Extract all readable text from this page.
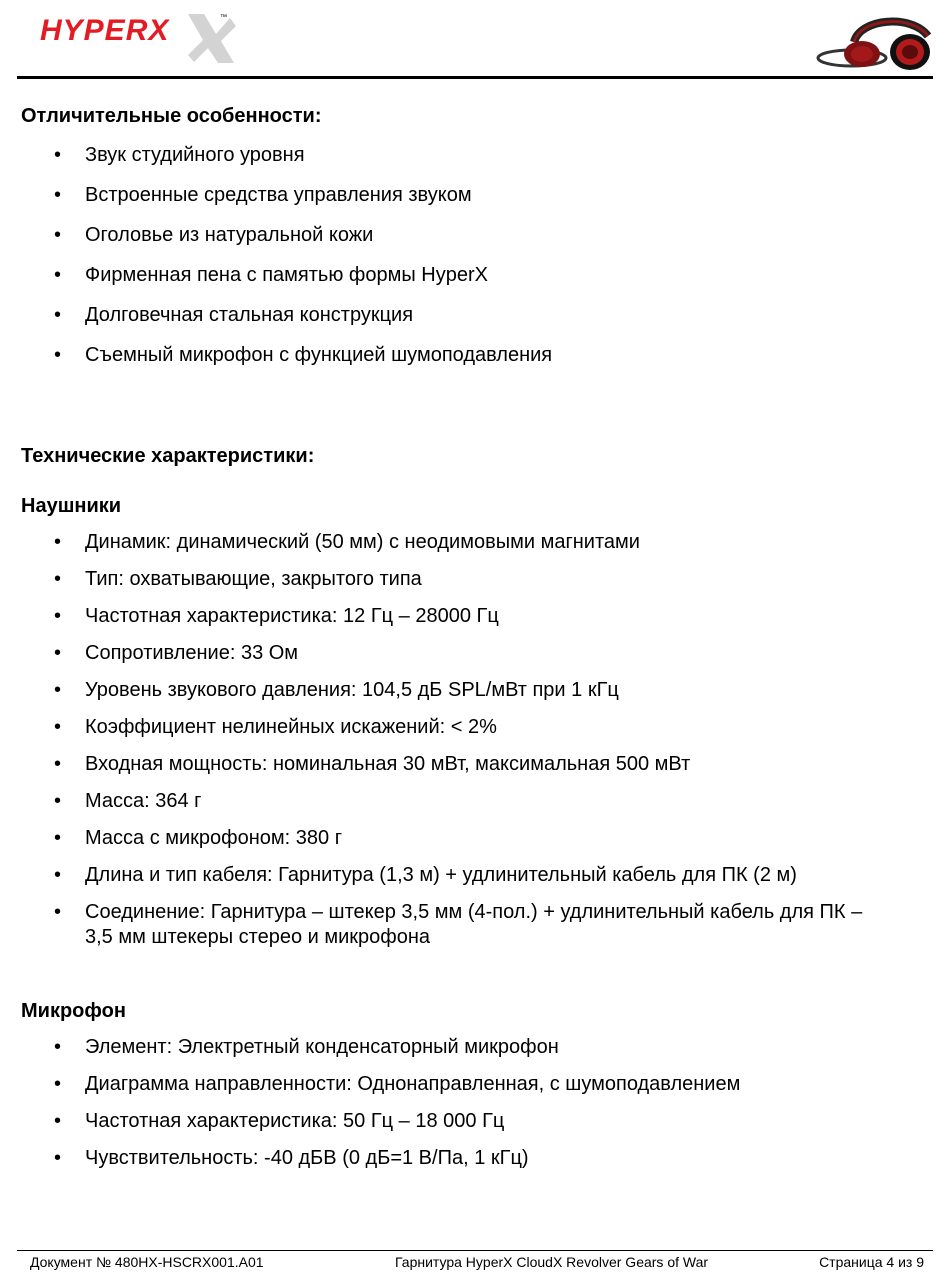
HYPERX	™
Отличительные особенности:
• Звук студийного уровня
• Встроенные средства управления звуком
• Оголовье из натуральной кожи
• Фирменная пена с памятью формы HyperX
• Долговечная стальная конструкция
• Съемный микрофон с функцией шумоподавления
Технические характеристики:
Наушники
• Динамик: динамический (50 мм) с неодимовыми магнитами
• Тип: охватывающие, закрытого типа
• Частотная характеристика: 12 Гц – 28000 Гц
• Сопротивление: 33 Ом
• Уровень звукового давления: 104,5 дБ SPL/мВт при 1 кГц
• Коэффициент нелинейных искажений: < 2%
• Входная мощность: номинальная 30 мВт, максимальная 500 мВт
• Масса: 364 г
• Масса с микрофоном: 380 г
• Длина и тип кабеля: Гарнитура (1,3 м) + удлинительный кабель для ПК (2 м)
• Соединение: Гарнитура – штекер 3,5 мм (4-пол.) + удлинительный кабель для ПК – 3,5 мм штекеры стерео и микрофона
Микрофон
• Элемент: Электретный конденсаторный микрофон
• Диаграмма направленности: Однонаправленная, с шумоподавлением
• Частотная характеристика: 50 Гц – 18 000 Гц
• Чувствительность: -40 дБВ (0 дБ=1 В/Па, 1 кГц)
Документ № 480HX-HSCRX001.A01	Гарнитура HyperX CloudX Revolver Gears of War	Страница 4 из 9
